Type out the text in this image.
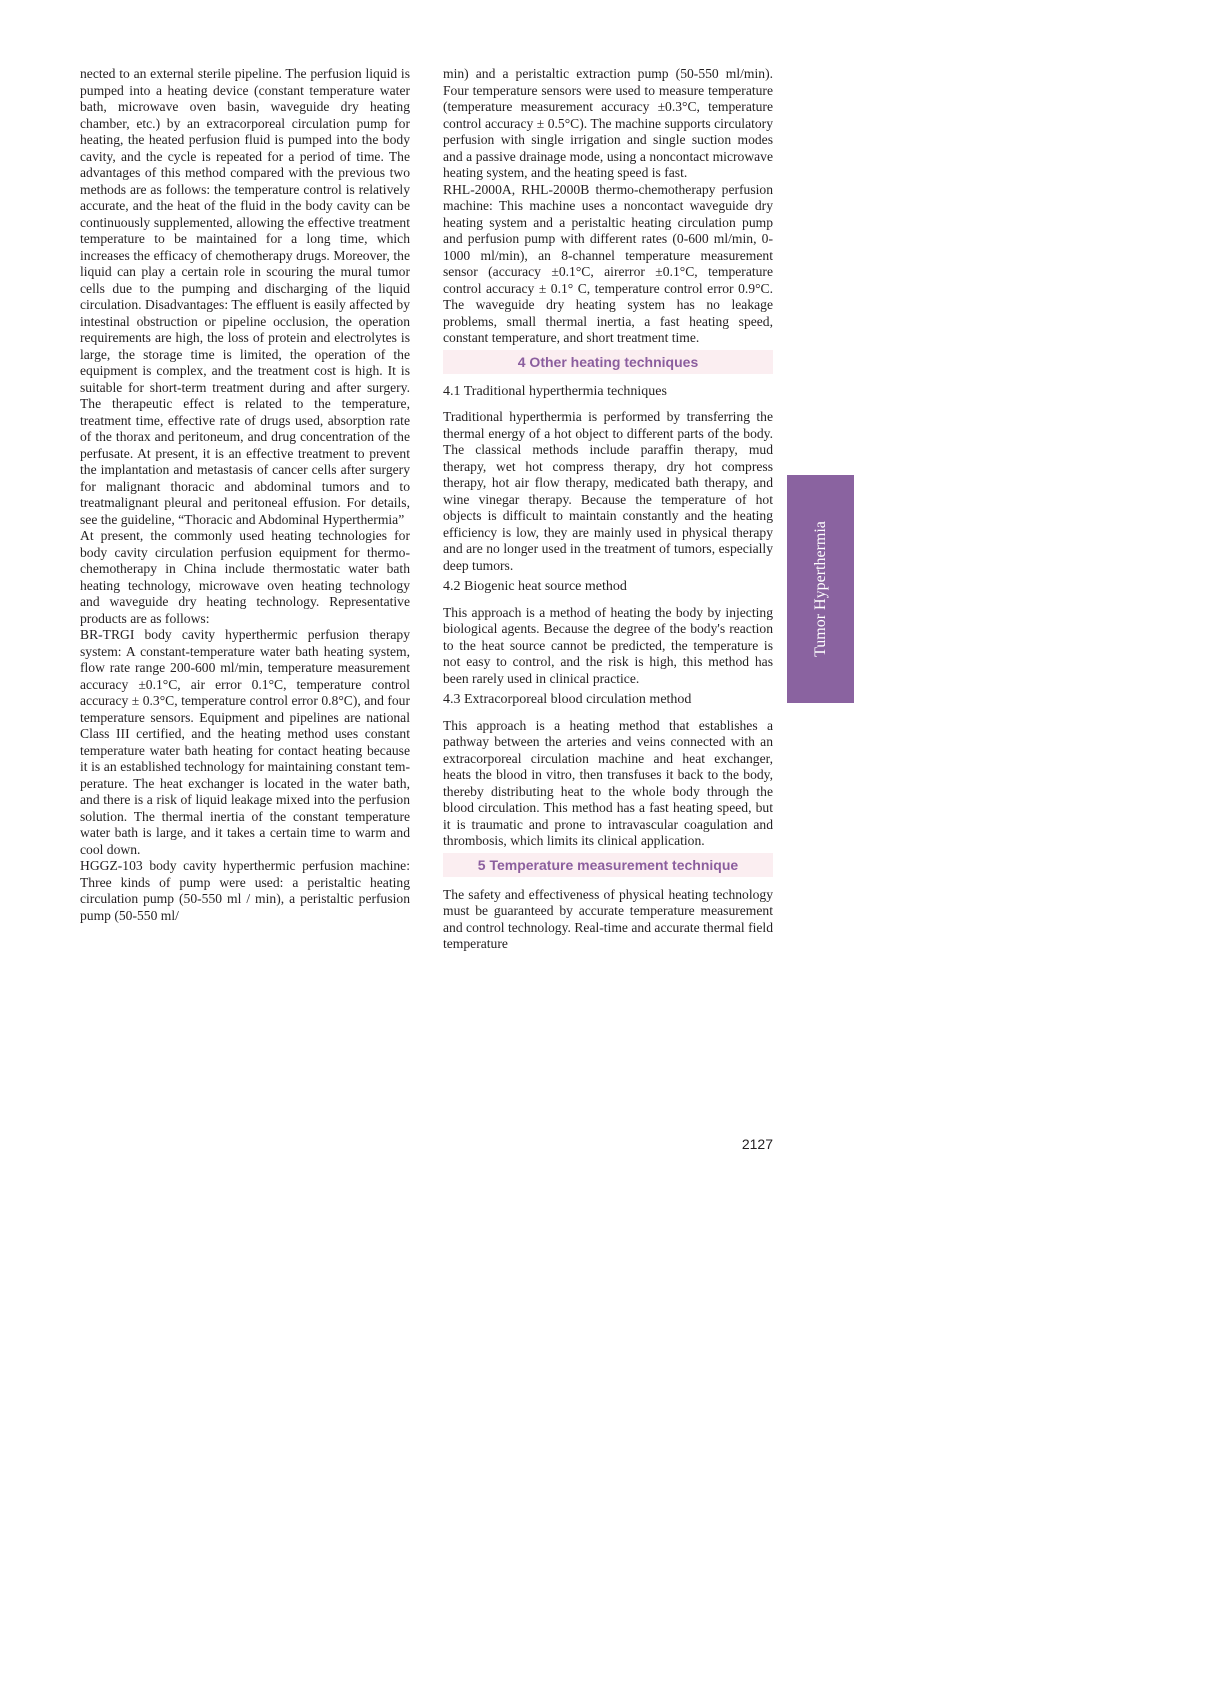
nected to an external sterile pipeline. The perfusion liquid is pumped into a heating device (constant temperature water bath, microwave oven basin, waveguide dry heating chamber, etc.) by an extracorporeal circulation pump for heating, the heated perfusion fluid is pumped into the body cavity, and the cycle is repeated for a period of time. The advantages of this method compared with the previous two methods are as follows: the temperature control is relatively accurate, and the heat of the fluid in the body cavity can be continuously supplemented, allowing the effective treatment temperature to be maintained for a long time, which increases the efficacy of chemotherapy drugs. Moreover, the liquid can play a certain role in scouring the mural tumor cells due to the pumping and discharging of the liquid circulation. Disadvantages: The effluent is easily affected by intestinal obstruction or pipeline occlusion, the operation requirements are high, the loss of protein and electrolytes is large, the storage time is limited, the operation of the equipment is complex, and the treatment cost is high. It is suitable for short-term treatment during and after surgery. The therapeutic effect is related to the temperature, treatment time, effective rate of drugs used, absorption rate of the thorax and peritoneum, and drug concentration of the perfusate. At present, it is an effective treatment to prevent the implantation and metastasis of cancer cells after surgery for malignant thoracic and abdominal tumors and to treatmalignant pleural and peritoneal effusion. For details, see the guideline, “Thoracic and Abdominal Hyperthermia”

At present, the commonly used heating technologies for body cavity circulation perfusion equipment for thermo-chemotherapy in China include thermostatic water bath heating technology, microwave oven heating technology and waveguide dry heating technology. Representative products are as follows:

BR-TRGI body cavity hyperthermic perfusion therapy system: A constant-temperature water bath heating system, flow rate range 200-600 ml/min, temperature measurement accuracy ±0.1°C, air error 0.1°C, temperature control accuracy ± 0.3°C, temperature control error 0.8°C), and four temperature sensors. Equipment and pipelines are national Class III certified, and the heating method uses constant temperature water bath heating for contact heating because it is an established technology for maintaining constant temperature. The heat exchanger is located in the water bath, and there is a risk of liquid leakage mixed into the perfusion solution. The thermal inertia of the constant temperature water bath is large, and it takes a certain time to warm and cool down.

HGGZ-103 body cavity hyperthermic perfusion machine: Three kinds of pump were used: a peristaltic heating circulation pump (50-550 ml / min), a peristaltic perfusion pump (50-550 ml/

min) and a peristaltic extraction pump (50-550 ml/min). Four temperature sensors were used to measure temperature (temperature measurement accuracy ±0.3°C, temperature control accuracy ± 0.5°C). The machine supports circulatory perfusion with single irrigation and single suction modes and a passive drainage mode, using a noncontact microwave heating system, and the heating speed is fast.

RHL-2000A, RHL-2000B thermo-chemotherapy perfusion machine: This machine uses a noncontact waveguide dry heating system and a peristaltic heating circulation pump and perfusion pump with different rates (0-600 ml/min, 0-1000 ml/min), an 8-channel temperature measurement sensor (accuracy ±0.1°C, airerror ±0.1°C, temperature control accuracy ± 0.1° C, temperature control error 0.9°C. The waveguide dry heating system has no leakage problems, small thermal inertia, a fast heating speed, constant temperature, and short treatment time.

4 Other heating techniques
4.1 Traditional hyperthermia techniques

Traditional hyperthermia is performed by transferring the thermal energy of a hot object to different parts of the body. The classical methods include paraffin therapy, mud therapy, wet hot compress therapy, dry hot compress therapy, hot air flow therapy, medicated bath therapy, and wine vinegar therapy. Because the temperature of hot objects is difficult to maintain constantly and the heating efficiency is low, they are mainly used in physical therapy and are no longer used in the treatment of tumors, especially deep tumors.

4.2 Biogenic heat source method

This approach is a method of heating the body by injecting biological agents. Because the degree of the body's reaction to the heat source cannot be predicted, the temperature is not easy to control, and the risk is high, this method has been rarely used in clinical practice.

4.3 Extracorporeal blood circulation method

This approach is a heating method that establishes a pathway between the arteries and veins connected with an extracorporeal circulation machine and heat exchanger, heats the blood in vitro, then transfuses it back to the body, thereby distributing heat to the whole body through the blood circulation. This method has a fast heating speed, but it is traumatic and prone to intravascular coagulation and thrombosis, which limits its clinical application.

5 Temperature measurement technique

The safety and effectiveness of physical heating technology must be guaranteed by accurate temperature measurement and control technology. Real-time and accurate thermal field temperature

Tumor Hyperthermia
2127
